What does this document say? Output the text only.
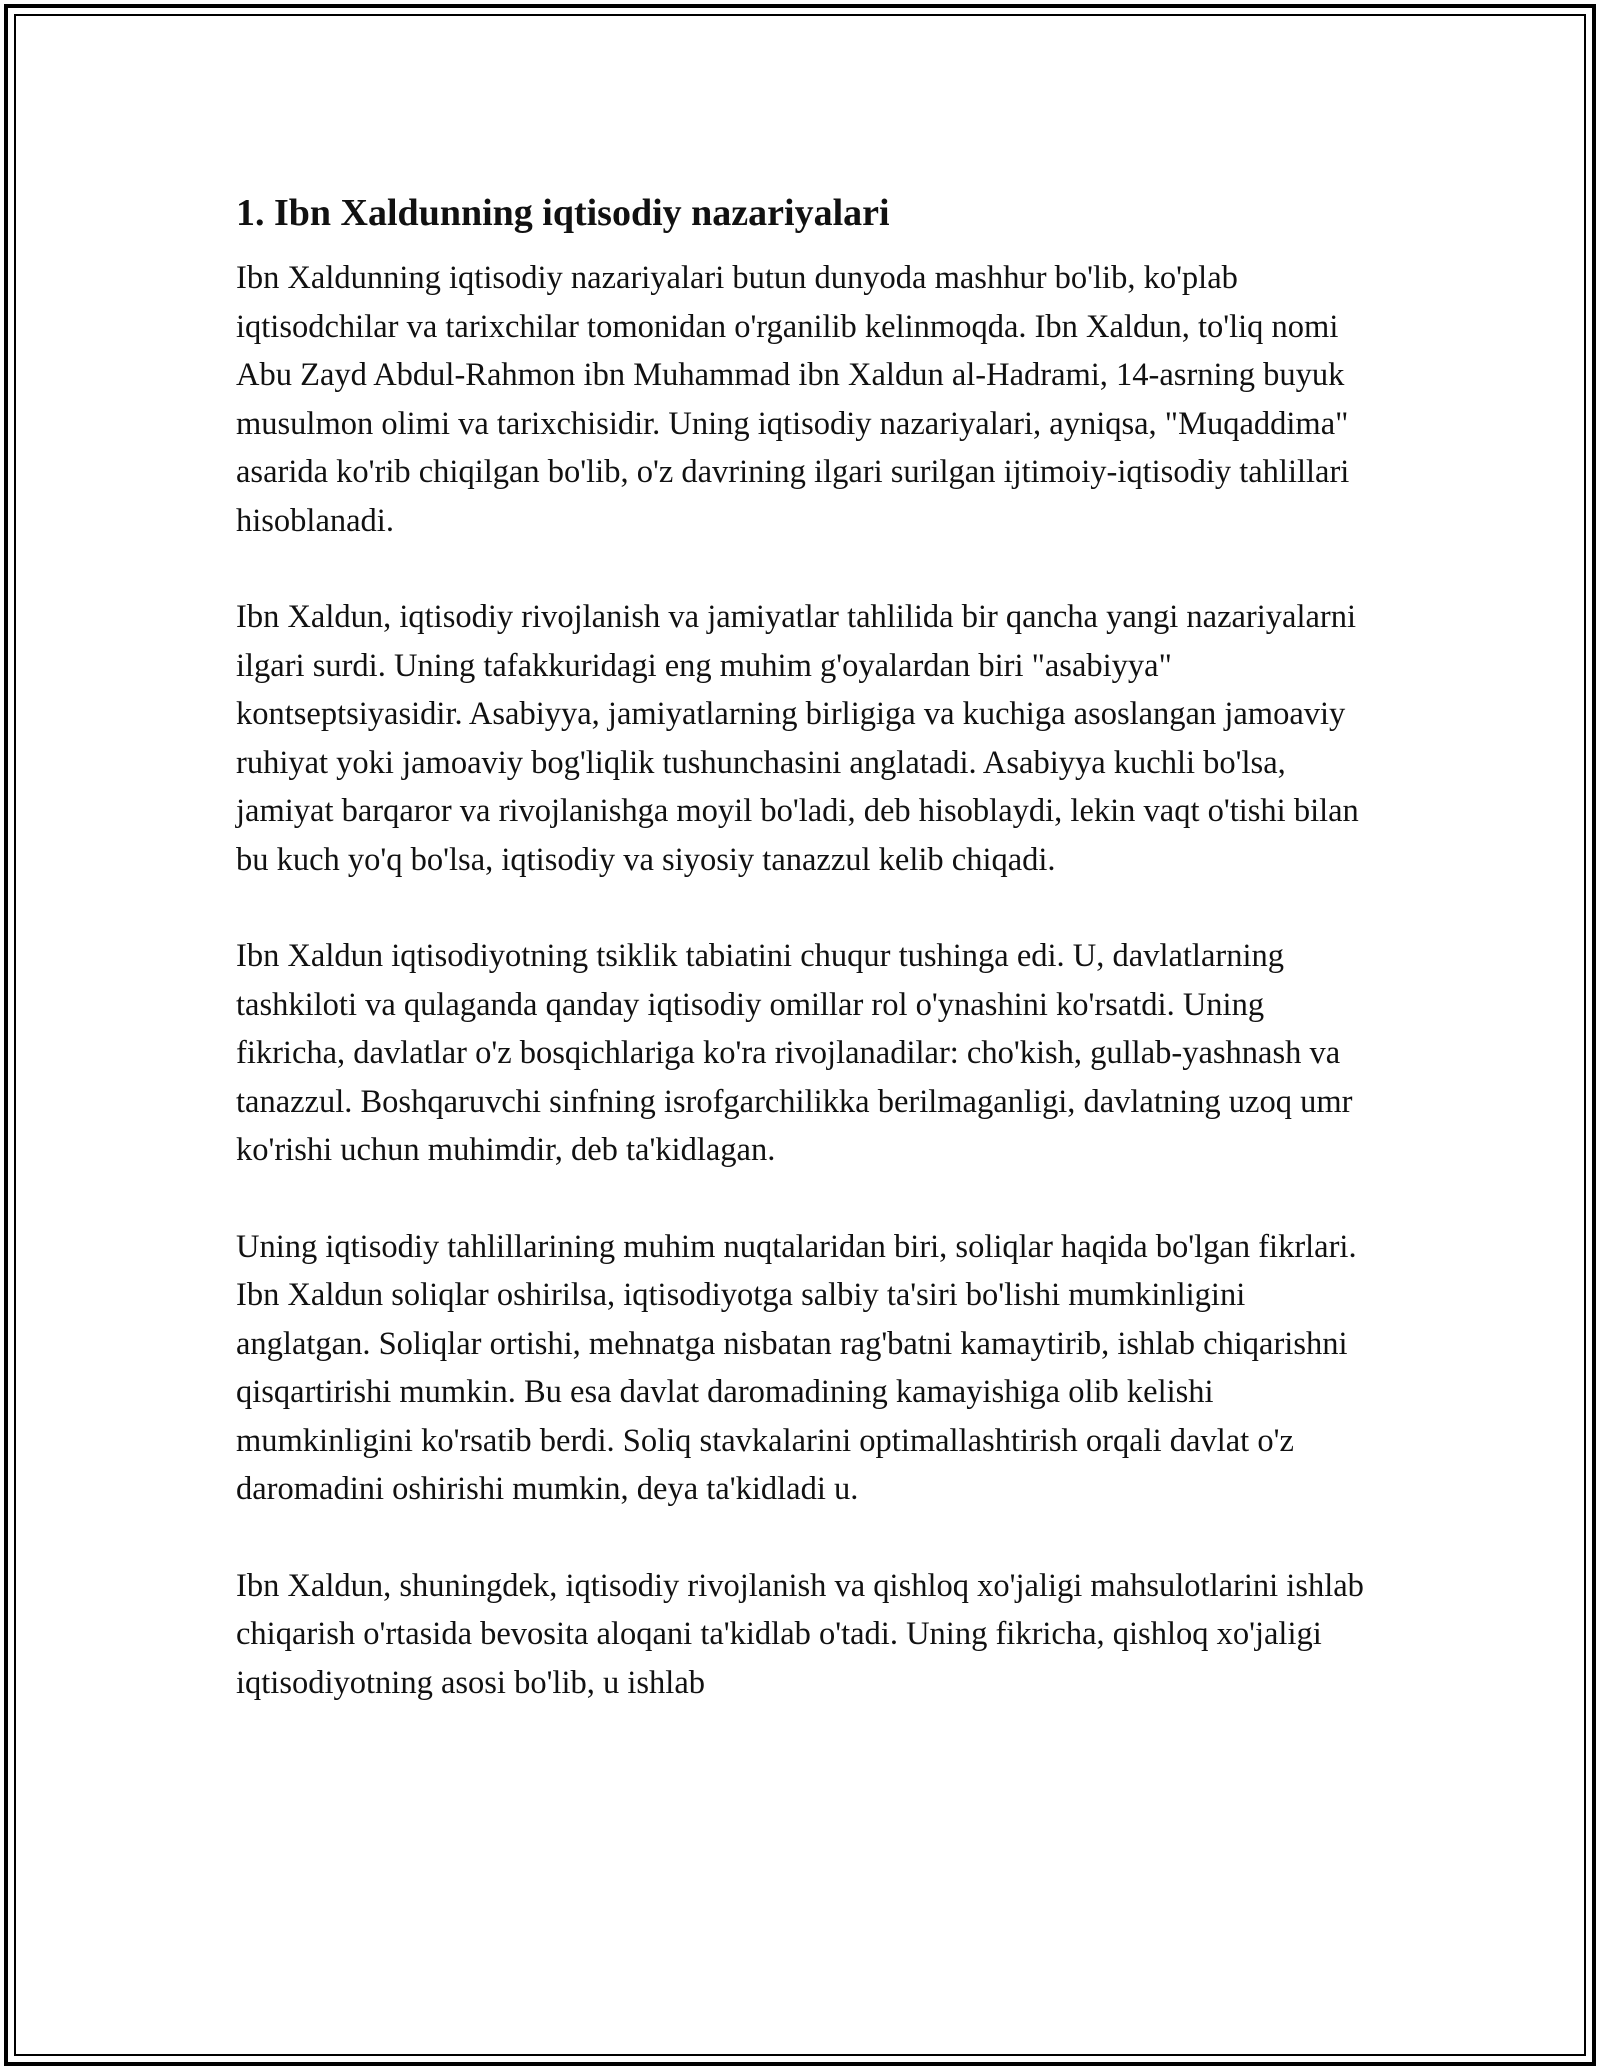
1. Ibn Xaldunning iqtisodiy nazariyalari

Ibn Xaldunning iqtisodiy nazariyalari butun dunyoda mashhur bo'lib, ko'plab iqtisodchilar va tarixchilar tomonidan o'rganilib kelinmoqda. Ibn Xaldun, to'liq nomi Abu Zayd Abdul-Rahmon ibn Muhammad ibn Xaldun al-Hadrami, 14-asrning buyuk musulmon olimi va tarixchisidir. Uning iqtisodiy nazariyalari, ayniqsa, "Muqaddima" asarida ko'rib chiqilgan bo'lib, o'z davrining ilgari surilgan ijtimoiy-iqtisodiy tahlillari hisoblanadi.

Ibn Xaldun, iqtisodiy rivojlanish va jamiyatlar tahlilida bir qancha yangi nazariyalarni ilgari surdi. Uning tafakkuridagi eng muhim g'oyalardan biri "asabiyya" kontseptsiyasidir. Asabiyya, jamiyatlarning birligiga va kuchiga asoslangan jamoaviy ruhiyat yoki jamoaviy bog'liqlik tushunchasini anglatadi. Asabiyya kuchli bo'lsa, jamiyat barqaror va rivojlanishga moyil bo'ladi, deb hisoblaydi, lekin vaqt o'tishi bilan bu kuch yo'q bo'lsa, iqtisodiy va siyosiy tanazzul kelib chiqadi.

Ibn Xaldun iqtisodiyotning tsiklik tabiatini chuqur tushinga edi. U, davlatlarning tashkiloti va qulaganda qanday iqtisodiy omillar rol o'ynashini ko'rsatdi. Uning fikricha, davlatlar o'z bosqichlariga ko'ra rivojlanadilar: cho'kish, gullab-yashnash va tanazzul. Boshqaruvchi sinfning isrofgarchilikka berilmaganligi, davlatning uzoq umr ko'rishi uchun muhimdir, deb ta'kidlagan.

Uning iqtisodiy tahlillarining muhim nuqtalaridan biri, soliqlar haqida bo'lgan fikrlari. Ibn Xaldun soliqlar oshirilsa, iqtisodiyotga salbiy ta'siri bo'lishi mumkinligini anglatgan. Soliqlar ortishi, mehnatga nisbatan rag'batni kamaytirib, ishlab chiqarishni qisqartirishi mumkin. Bu esa davlat daromadining kamayishiga olib kelishi mumkinligini ko'rsatib berdi. Soliq stavkalarini optimallashtirish orqali davlat o'z daromadini oshirishi mumkin, deya ta'kidladi u.

Ibn Xaldun, shuningdek, iqtisodiy rivojlanish va qishloq xo'jaligi mahsulotlarini ishlab chiqarish o'rtasida bevosita aloqani ta'kidlab o'tadi. Uning fikricha, qishloq xo'jaligi iqtisodiyotning asosi bo'lib, u ishlab
